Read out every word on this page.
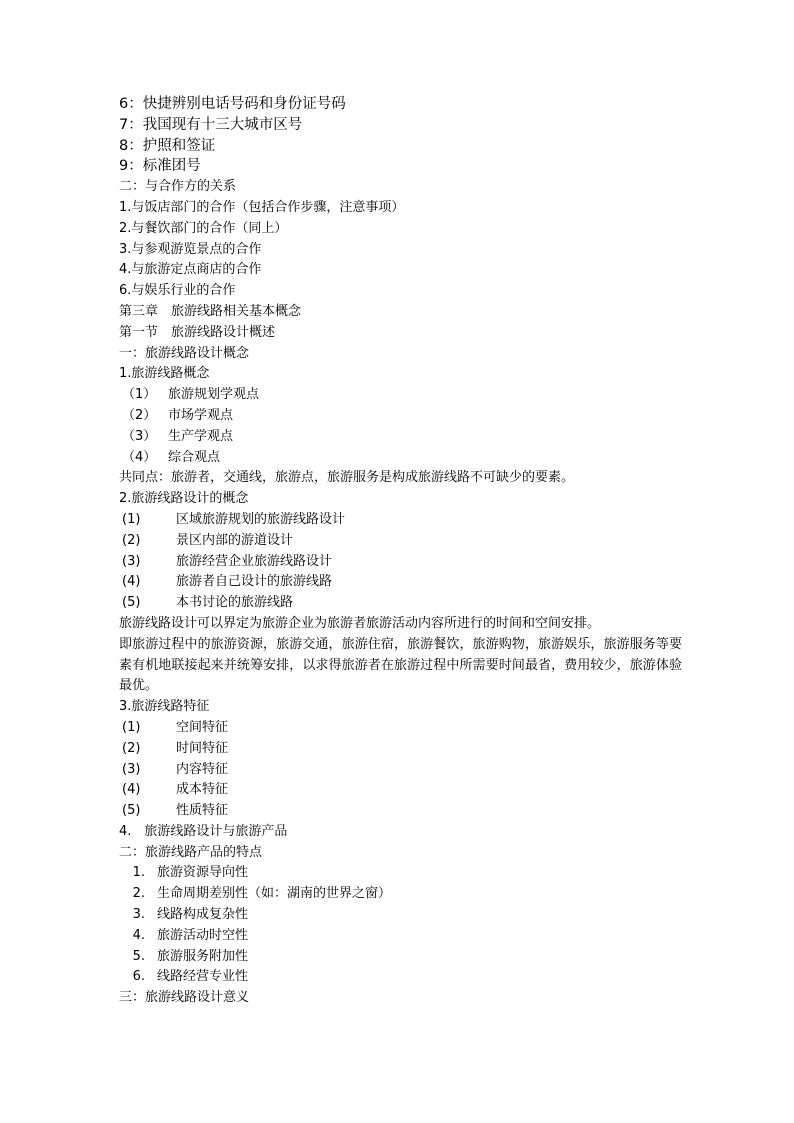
6：快捷辨别电话号码和身份证号码
7：我国现有十三大城市区号
8：护照和签证
9：标准团号
二：与合作方的关系
1.与饭店部门的合作（包括合作步骤，注意事项）
2.与餐饮部门的合作（同上）
3.与参观游览景点的合作
4.与旅游定点商店的合作
6.与娱乐行业的合作
第三章　旅游线路相关基本概念
第一节　旅游线路设计概述
一：旅游线路设计概念
1.旅游线路概念
（1） 旅游规划学观点
（2） 市场学观点
（3） 生产学观点
（4） 综合观点
共同点：旅游者，交通线，旅游点，旅游服务是构成旅游线路不可缺少的要素。
2.旅游线路设计的概念
(1)	区域旅游规划的旅游线路设计
(2)	景区内部的游道设计
(3)	旅游经营企业旅游线路设计
(4)	旅游者自己设计的旅游线路
(5)	本书讨论的旅游线路
旅游线路设计可以界定为旅游企业为旅游者旅游活动内容所进行的时间和空间安排。
即旅游过程中的旅游资源，旅游交通，旅游住宿，旅游餐饮，旅游购物，旅游娱乐，旅游服务等要素有机地联接起来并统筹安排，以求得旅游者在旅游过程中所需要时间最省，费用较少，旅游体验最优。
3.旅游线路特征
(1)	空间特征
(2)	时间特征
(3)	内容特征
(4)	成本特征
(5)	性质特征
4.　旅游线路设计与旅游产品
二：旅游线路产品的特点
1. 旅游资源导向性
2. 生命周期差别性（如：湖南的世界之窗）
3. 线路构成复杂性
4. 旅游活动时空性
5. 旅游服务附加性
6. 线路经营专业性
三：旅游线路设计意义
